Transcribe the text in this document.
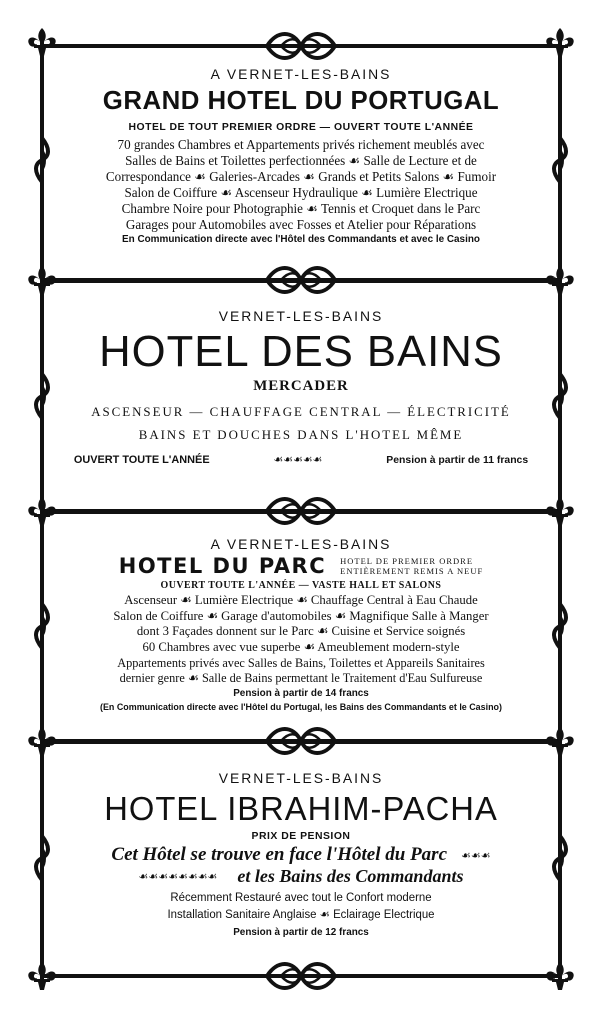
A VERNET-LES-BAINS
GRAND HOTEL DU PORTUGAL
HOTEL DE TOUT PREMIER ORDRE — OUVERT TOUTE L'ANNÉE
70 grandes Chambres et Appartements privés richement meublés avec
Salles de Bains et Toilettes perfectionnées ☙ Salle de Lecture et de
Correspondance ☙ Galeries-Arcades ☙ Grands et Petits Salons ☙ Fumoir
Salon de Coiffure ☙ Ascenseur Hydraulique ☙ Lumière Electrique
Chambre Noire pour Photographie ☙ Tennis et Croquet dans le Parc
Garages pour Automobiles avec Fosses et Atelier pour Réparations
En Communication directe avec l'Hôtel des Commandants et avec le Casino
VERNET-LES-BAINS
HOTEL DES BAINS
MERCADER
ASCENSEUR — CHAUFFAGE CENTRAL — ÉLECTRICITÉ
BAINS ET DOUCHES DANS L'HOTEL MÊME
OUVERT TOUTE L'ANNÉE	☙☙☙☙☙	Pension à partir de 11 francs
A VERNET-LES-BAINS
HOTEL DU PARC HOTEL DE PREMIER ORDRE
ENTIÈREMENT REMIS A NEUF
OUVERT TOUTE L'ANNÉE — VASTE HALL ET SALONS
Ascenseur ☙ Lumière Electrique ☙ Chauffage Central à Eau Chaude
Salon de Coiffure ☙ Garage d'automobiles ☙ Magnifique Salle à Manger
dont 3 Façades donnent sur le Parc ☙ Cuisine et Service soignés
60 Chambres avec vue superbe ☙ Ameublement modern-style
Appartements privés avec Salles de Bains, Toilettes et Appareils Sanitaires
dernier genre ☙ Salle de Bains permettant le Traitement d'Eau Sulfureuse
Pension à partir de 14 francs
(En Communication directe avec l'Hôtel du Portugal, les Bains des Commandants et le Casino)
VERNET-LES-BAINS
HOTEL IBRAHIM-PACHA
PRIX DE PENSION
Cet Hôtel se trouve en face l'Hôtel du Parc ☙☙☙
☙☙☙☙☙☙☙☙ et les Bains des Commandants
Récemment Restauré avec tout le Confort moderne
Installation Sanitaire Anglaise ☙ Eclairage Electrique
Pension à partir de 12 francs
